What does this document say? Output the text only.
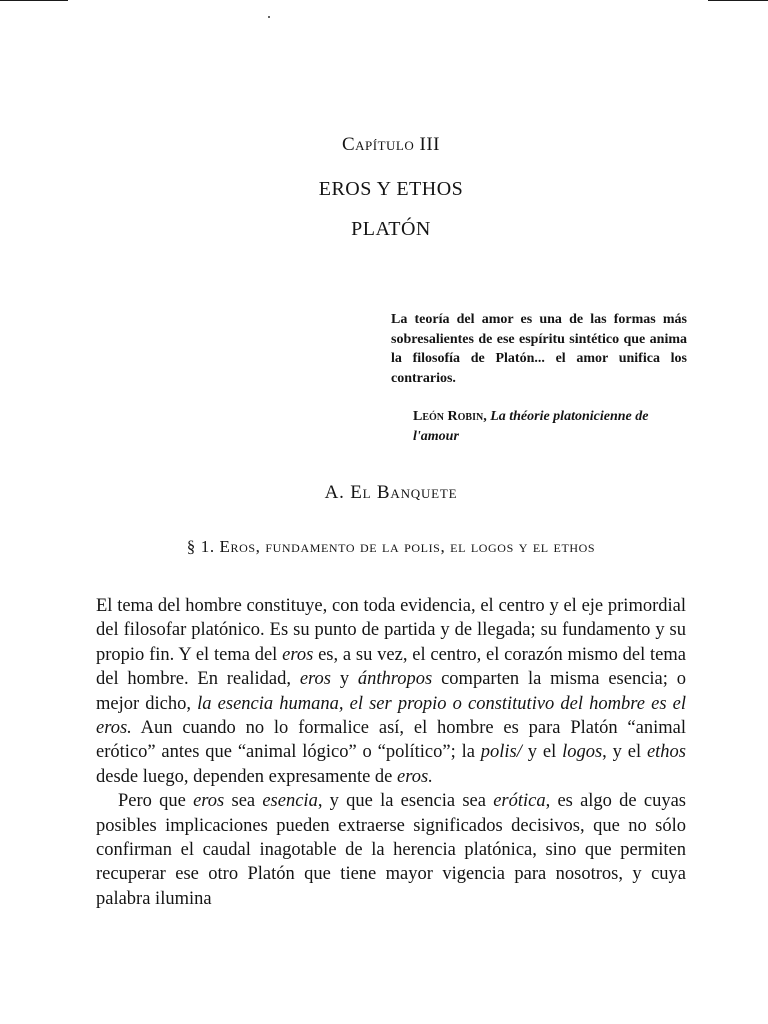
Capítulo III
EROS Y ETHOS
PLATÓN
La teoría del amor es una de las formas más sobresalientes de ese espíritu sintético que anima la filosofía de Platón... el amor unifica los contrarios.
León Robin, La théorie platonicienne de l'amour
A. El Banquete
§ 1. Eros, fundamento de la polis, el logos y el ethos

El tema del hombre constituye, con toda evidencia, el centro y el eje primordial del filosofar platónico. Es su punto de partida y de llegada; su fundamento y su propio fin. Y el tema del eros es, a su vez, el centro, el corazón mismo del tema del hombre. En realidad, eros y ánthropos comparten la misma esencia; o mejor dicho, la esencia humana, el ser propio o constitutivo del hombre es el eros. Aun cuando no lo formalice así, el hombre es para Platón “animal erótico” antes que “animal lógico” o “político”; la polis/ y el logos, y el ethos desde luego, dependen expresamente de eros.

Pero que eros sea esencia, y que la esencia sea erótica, es algo de cuyas posibles implicaciones pueden extraerse significados decisivos, que no sólo confirman el caudal inagotable de la herencia platónica, sino que permiten recuperar ese otro Platón que tiene mayor vigencia para nosotros, y cuya palabra ilumina
